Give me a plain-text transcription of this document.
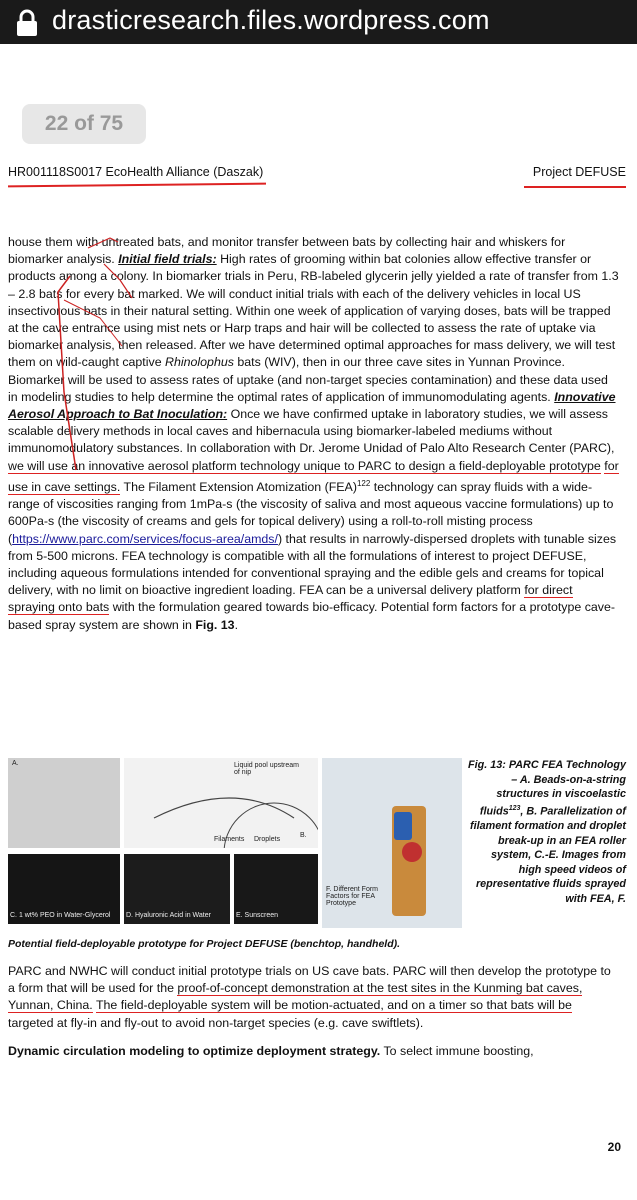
drasticresearch.files.wordpress.com
22 of 75
HR001118S0017 EcoHealth Alliance (Daszak)	Project DEFUSE

house them with untreated bats, and monitor transfer between bats by collecting hair and whiskers for biomarker analysis. Initial field trials: High rates of grooming within bat colonies allow effective transfer or products among a colony. In biomarker trials in Peru, RB-labeled glycerin jelly yielded a rate of transfer from 1.3 – 2.8 bats for every bat marked. We will conduct initial trials with each of the delivery vehicles in local US insectivorous bats in their natural setting. Within one week of application of varying doses, bats will be trapped at the cave entrance using mist nets or Harp traps and hair will be collected to assess the rate of uptake via biomarker analysis, then released. After we have determined optimal approaches for mass delivery, we will test them on wild-caught captive Rhinolophus bats (WIV), then in our three cave sites in Yunnan Province. Biomarker will be used to assess rates of uptake (and non-target species contamination) and these data used in modeling studies to help determine the optimal rates of application of immunomodulating agents. Innovative Aerosol Approach to Bat Inoculation: Once we have confirmed uptake in laboratory studies, we will assess scalable delivery methods in local caves and hibernacula using biomarker-labeled mediums without immunomodulatory substances. In collaboration with Dr. Jerome Unidad of Palo Alto Research Center (PARC), we will use an innovative aerosol platform technology unique to PARC to design a field-deployable prototype for use in cave settings. The Filament Extension Atomization (FEA)$^{122}$ technology can spray fluids with a wide-range of viscosities ranging from 1mPa-s (the viscosity of saliva and most aqueous vaccine formulations) up to 600Pa-s (the viscosity of creams and gels for topical delivery) using a roll-to-roll misting process (https://www.parc.com/services/focus-area/amds/) that results in narrowly-dispersed droplets with tunable sizes from 5-500 microns. FEA technology is compatible with all the formulations of interest to project DEFUSE, including aqueous formulations intended for conventional spraying and the edible gels and creams for topical delivery, with no limit on bioactive ingredient loading. FEA can be a universal delivery platform for direct spraying onto bats with the formulation geared towards bio-efficacy. Potential form factors for a prototype cave-based spray system are shown in Fig. 13.

A.	Liquid pool upstream of nip
Filaments Droplets
B.
C. 1 wt% PEO in Water-Glycerol D. Hyaluronic Acid in Water	E. Sunscreen
F. Different Form Factors for FEA Prototype
Fig. 13: PARC FEA Technology – A. Beads-on-a-string structures in viscoelastic fluids$^{123}$, B. Parallelization of filament formation and droplet break-up in an FEA roller system, C.-E. Images from high speed videos of representative fluids sprayed with FEA, F.
Potential field-deployable prototype for Project DEFUSE (benchtop, handheld).
PARC and NWHC will conduct initial prototype trials on US cave bats. PARC will then develop the prototype to a form that will be used for the proof-of-concept demonstration at the test sites in the Kunming bat caves, Yunnan, China. The field-deployable system will be motion-actuated, and on a timer so that bats will be targeted at fly-in and fly-out to avoid non-target species (e.g. cave swiftlets).
Dynamic circulation modeling to optimize deployment strategy. To select immune boosting,
20
